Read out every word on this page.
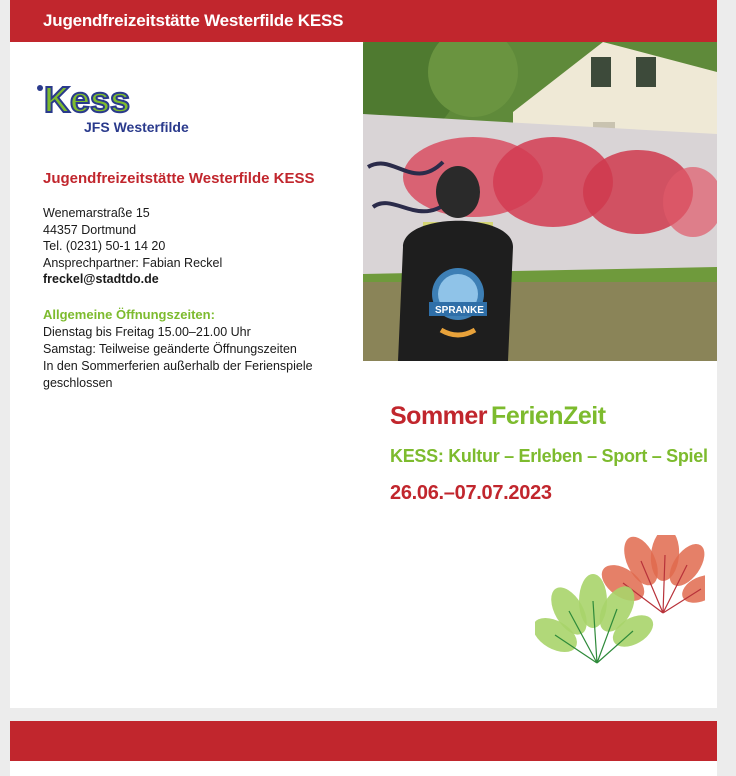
Jugendfreizeitstätte Westerfilde KESS
Kess
JFS Westerfilde
Jugendfreizeitstätte Westerfilde KESS
Wenemarstraße 15
44357 Dortmund
Tel. (0231) 50-1 14 20
Ansprechpartner: Fabian Reckel
freckel@stadtdo.de
Allgemeine Öffnungszeiten:
Dienstag bis Freitag 15.00–21.00 Uhr
Samstag: Teilweise geänderte Öffnungszeiten
In den Sommerferien außerhalb der Ferienspiele geschlossen
SPRANKE
Sommer FerienZeit
KESS: Kultur – Erleben – Sport – Spiel
26.06.–07.07.2023
